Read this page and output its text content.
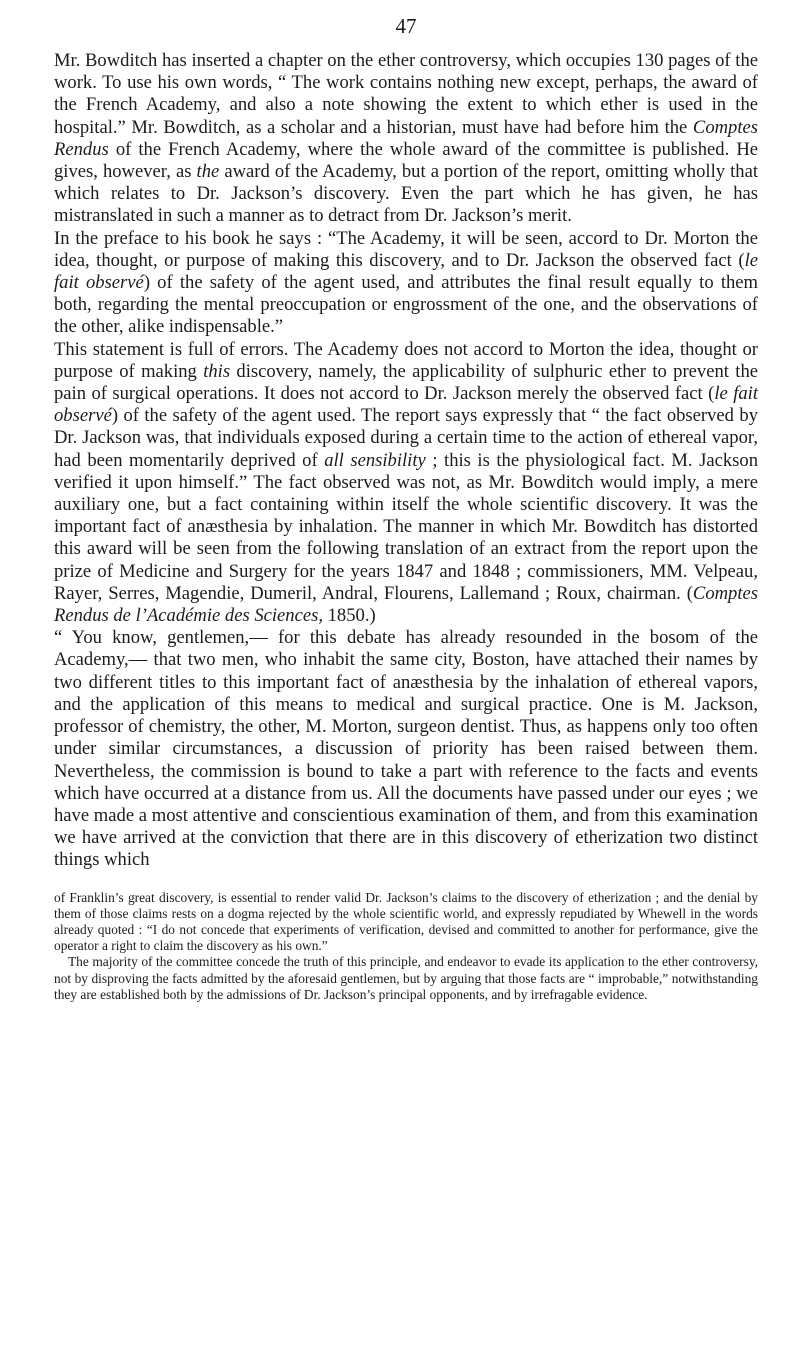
47

Mr. Bowditch has inserted a chapter on the ether controversy, which occupies 130 pages of the work. To use his own words, “ The work contains nothing new except, perhaps, the award of the French Academy, and also a note showing the extent to which ether is used in the hospital.” Mr. Bowditch, as a scholar and a historian, must have had before him the Comptes Rendus of the French Academy, where the whole award of the committee is published. He gives, however, as the award of the Academy, but a portion of the report, omitting wholly that which relates to Dr. Jackson’s discovery. Even the part which he has given, he has mistranslated in such a manner as to detract from Dr. Jackson’s merit.

In the preface to his book he says : “The Academy, it will be seen, accord to Dr. Morton the idea, thought, or purpose of making this discovery, and to Dr. Jackson the observed fact (le fait observé) of the safety of the agent used, and attributes the final result equally to them both, regarding the mental preoccupation or engrossment of the one, and the observations of the other, alike indispensable.”

This statement is full of errors. The Academy does not accord to Morton the idea, thought or purpose of making this discovery, namely, the applicability of sulphuric ether to prevent the pain of surgical operations. It does not accord to Dr. Jackson merely the observed fact (le fait observé) of the safety of the agent used. The report says expressly that “ the fact observed by Dr. Jackson was, that individuals exposed during a certain time to the action of ethereal vapor, had been momentarily deprived of all sensibility ; this is the physiological fact. M. Jackson verified it upon himself.” The fact observed was not, as Mr. Bowditch would imply, a mere auxiliary one, but a fact containing within itself the whole scientific discovery. It was the important fact of anæsthesia by inhalation. The manner in which Mr. Bowditch has distorted this award will be seen from the following translation of an extract from the report upon the prize of Medicine and Surgery for the years 1847 and 1848 ; commissioners, MM. Velpeau, Rayer, Serres, Magendie, Dumeril, Andral, Flourens, Lallemand ; Roux, chairman. (Comptes Rendus de l’Académie des Sciences, 1850.)

“ You know, gentlemen,— for this debate has already resounded in the bosom of the Academy,— that two men, who inhabit the same city, Boston, have attached their names by two different titles to this important fact of anæsthesia by the inhalation of ethereal vapors, and the application of this means to medical and surgical practice. One is M. Jackson, professor of chemistry, the other, M. Morton, surgeon dentist. Thus, as happens only too often under similar circumstances, a discussion of priority has been raised between them. Nevertheless, the commission is bound to take a part with reference to the facts and events which have occurred at a distance from us. All the documents have passed under our eyes ; we have made a most attentive and conscientious examination of them, and from this examination we have arrived at the conviction that there are in this discovery of etherization two distinct things which

of Franklin’s great discovery, is essential to render valid Dr. Jackson’s claims to the discovery of etherization ; and the denial by them of those claims rests on a dogma rejected by the whole scientific world, and expressly repudiated by Whewell in the words already quoted : “I do not concede that experiments of verification, devised and committed to another for performance, give the operator a right to claim the discovery as his own.”

The majority of the committee concede the truth of this principle, and endeavor to evade its application to the ether controversy, not by disproving the facts admitted by the aforesaid gentlemen, but by arguing that those facts are “ improbable,” notwithstanding they are established both by the admissions of Dr. Jackson’s principal opponents, and by irrefragable evidence.
